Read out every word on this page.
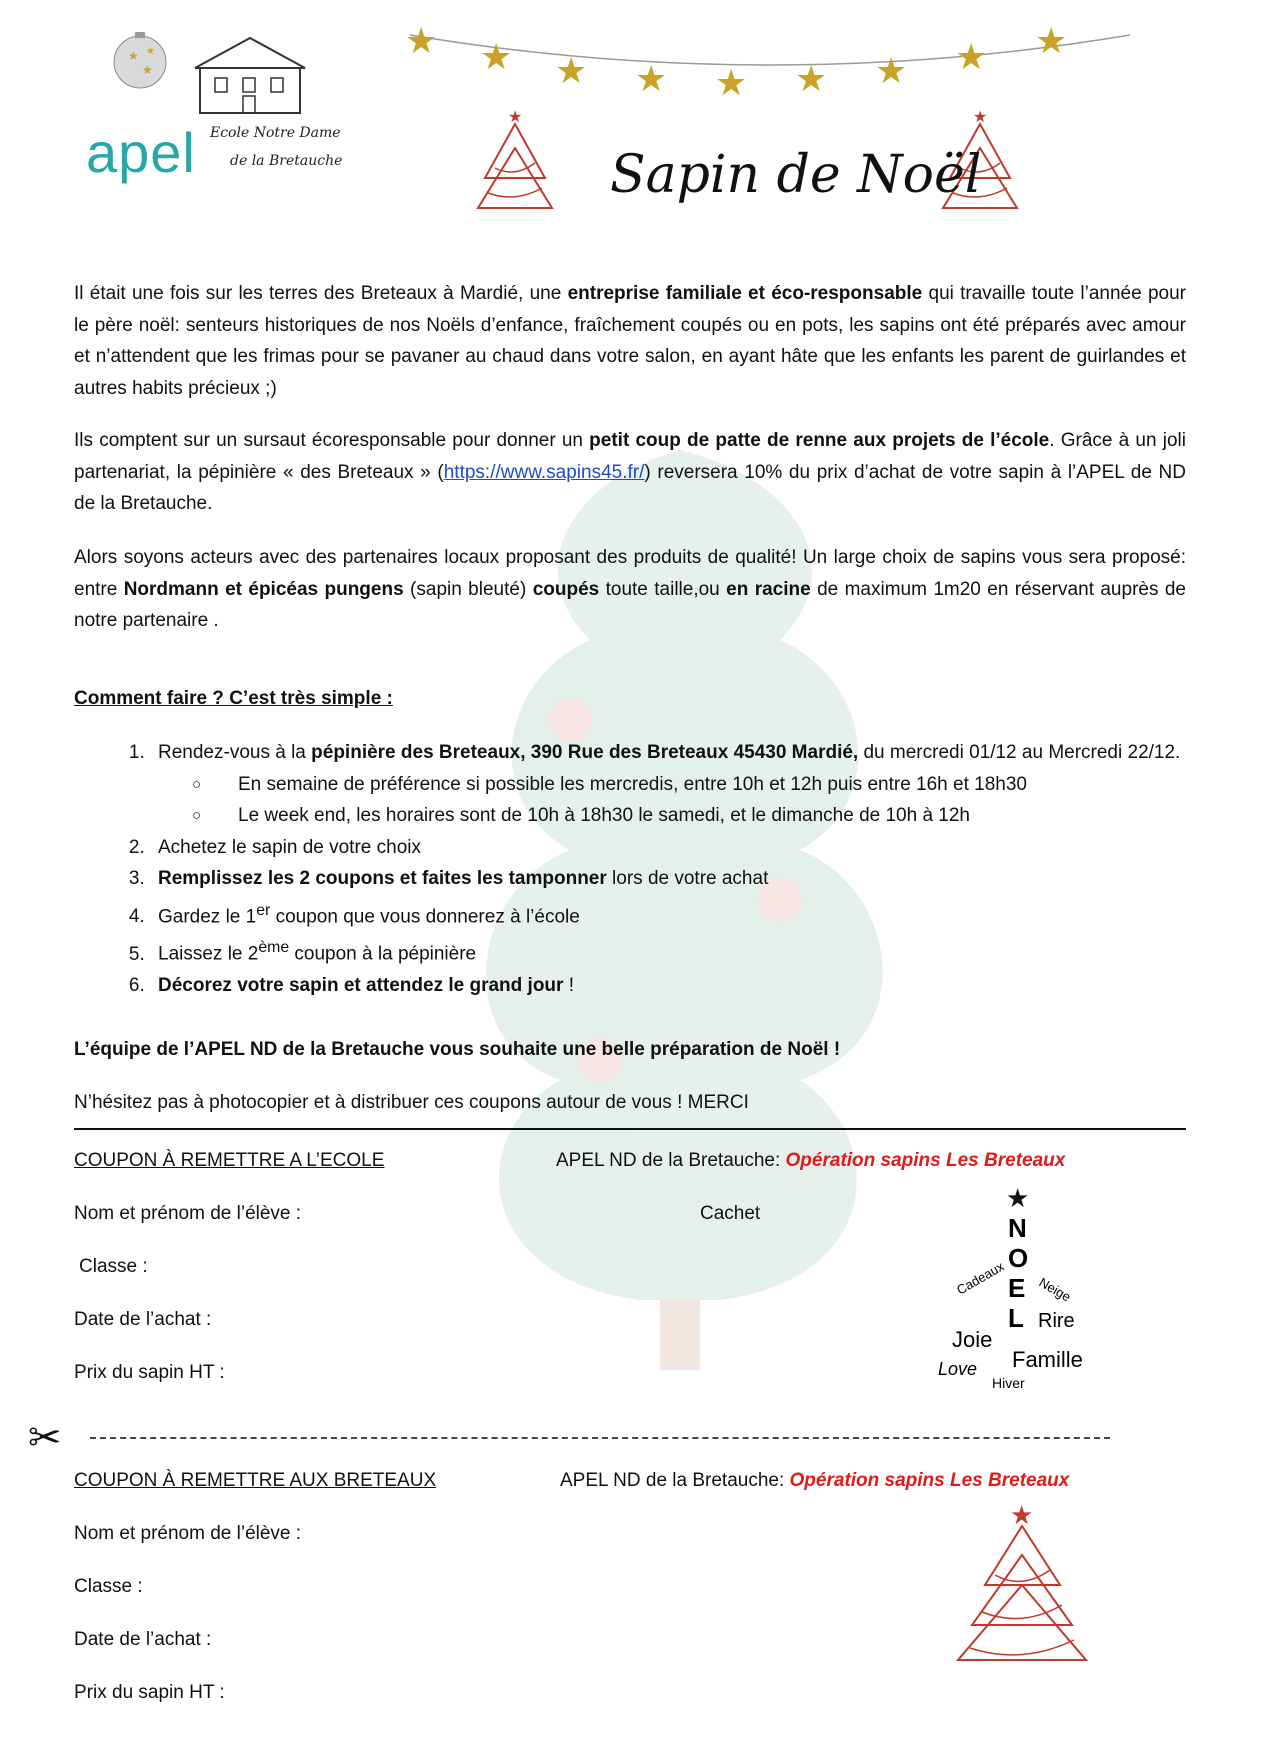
★
★
★
apel Ecole Notre Dame
de la Bretauche
★ ★ ★ ★ ★ ★ ★ ★ ★
★	★
Sapin de Noël

Il était une fois sur les terres des Breteaux à Mardié, une entreprise familiale et éco-responsable qui travaille toute l’année pour le père noël: senteurs historiques de nos Noëls d’enfance, fraîchement coupés ou en pots, les sapins ont été préparés avec amour et n’attendent que les frimas pour se pavaner au chaud dans votre salon, en ayant hâte que les enfants les parent de guirlandes et autres habits précieux ;)

Ils comptent sur un sursaut écoresponsable pour donner un petit coup de patte de renne aux projets de l’école. Grâce à un joli partenariat, la pépinière « des Breteaux » (https://www.sapins45.fr/) reversera 10% du prix d’achat de votre sapin à l’APEL de ND de la Bretauche.

Alors soyons acteurs avec des partenaires locaux proposant des produits de qualité! Un large choix de sapins vous sera proposé: entre Nordmann et épicéas pungens (sapin bleuté) coupés toute taille,ou en racine de maximum 1m20 en réservant auprès de notre partenaire .

Comment faire ? C’est très simple :
1. Rendez-vous à la pépinière des Breteaux, 390 Rue des Breteaux 45430 Mardié, du mercredi 01/12 au Mercredi 22/12.
○ En semaine de préférence si possible les mercredis, entre 10h et 12h puis entre 16h et 18h30
○ Le week end, les horaires sont de 10h à 18h30 le samedi, et le dimanche de 10h à 12h
2. Achetez le sapin de votre choix
3. Remplissez les 2 coupons et faites les tamponner lors de votre achat
4. Gardez le 1er coupon que vous donnerez à l’école
5. Laissez le 2ème coupon à la pépinière
6. Décorez votre sapin et attendez le grand jour !
L’équipe de l’APEL ND de la Bretauche vous souhaite une belle préparation de Noël !
N’hésitez pas à photocopier et à distribuer ces coupons autour de vous ! MERCI
COUPON À REMETTRE A L’ECOLE	APEL ND de la Bretauche: Opération sapins Les Breteaux
Nom et prénom de l’élève :	Cachet
Classe :
Date de l’achat :
Prix du sapin HT :
★
N
O
E
L
Cadeaux Neige
Rire
Joie
Famille
Love
Hiver
✂
COUPON À REMETTRE AUX BRETEAUX	APEL ND de la Bretauche: Opération sapins Les Breteaux
Nom et prénom de l’élève :
Classe :
Date de l’achat :
Prix du sapin HT :
★
